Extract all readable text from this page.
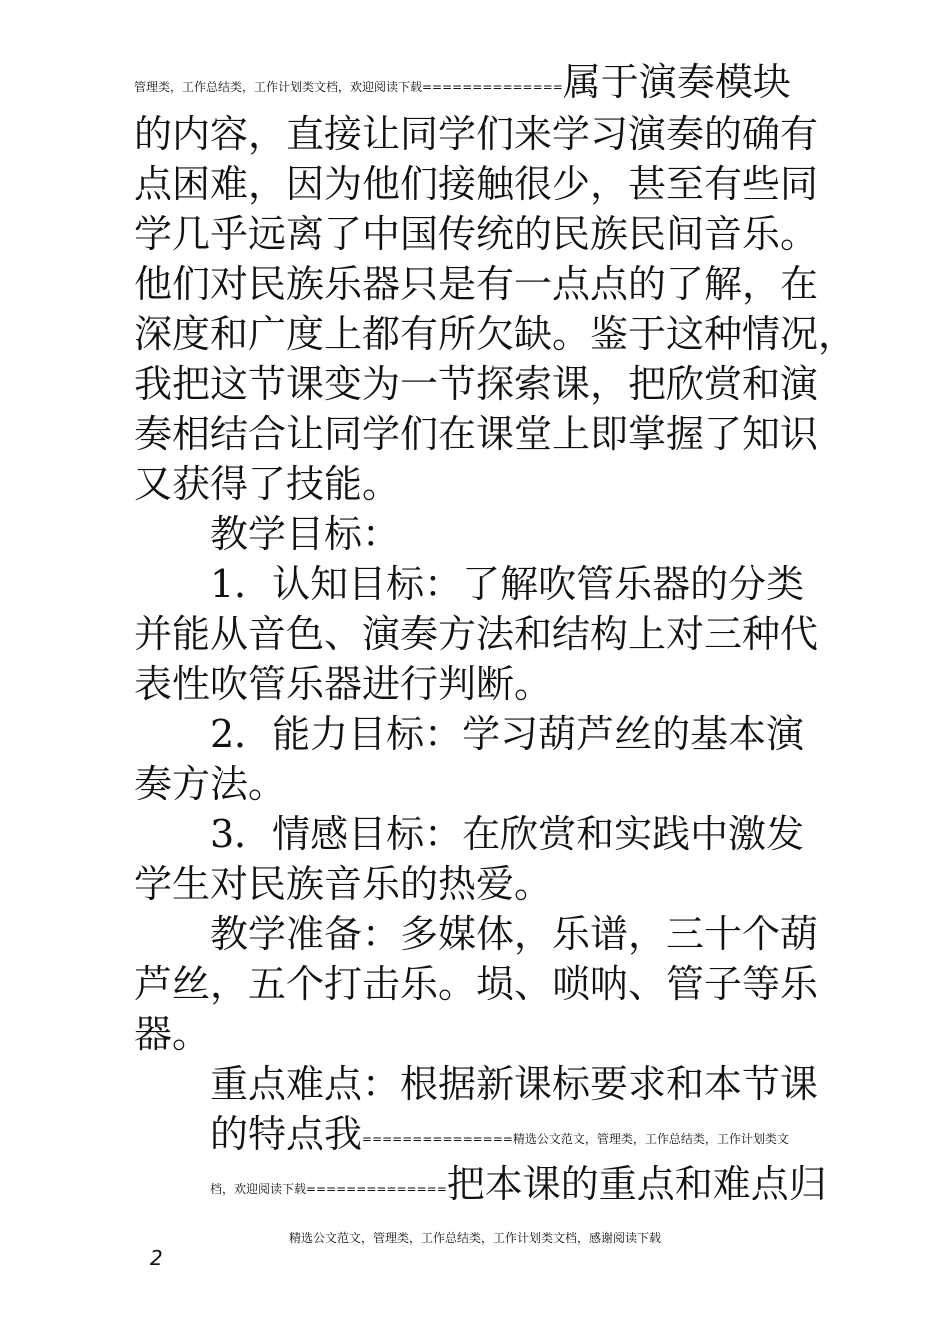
管理类，工作总结类，工作计划类文档，欢迎阅读下载==============属于演奏模块
的内容，直接让同学们来学习演奏的确有
点困难，因为他们接触很少，甚至有些同
学几乎远离了中国传统的民族民间音乐。
他们对民族乐器只是有一点点的了解，在
深度和广度上都有所欠缺。鉴于这种情况，
我把这节课变为一节探索课，把欣赏和演
奏相结合让同学们在课堂上即掌握了知识
又获得了技能。
教学目标：
1．认知目标：了解吹管乐器的分类
并能从音色、演奏方法和结构上对三种代
表性吹管乐器进行判断。
2．能力目标：学习葫芦丝的基本演
奏方法。
3．情感目标：在欣赏和实践中激发
学生对民族音乐的热爱。
教学准备：多媒体，乐谱，三十个葫
芦丝，五个打击乐。埙、唢呐、管子等乐
器。
重点难点：根据新课标要求和本节课
的特点我===============精选公文范文，管理类，工作总结类，工作计划类文
档，欢迎阅读下载==============把本课的重点和难点归
精选公文范文，管理类，工作总结类，工作计划类文档，感谢阅读下载
2
